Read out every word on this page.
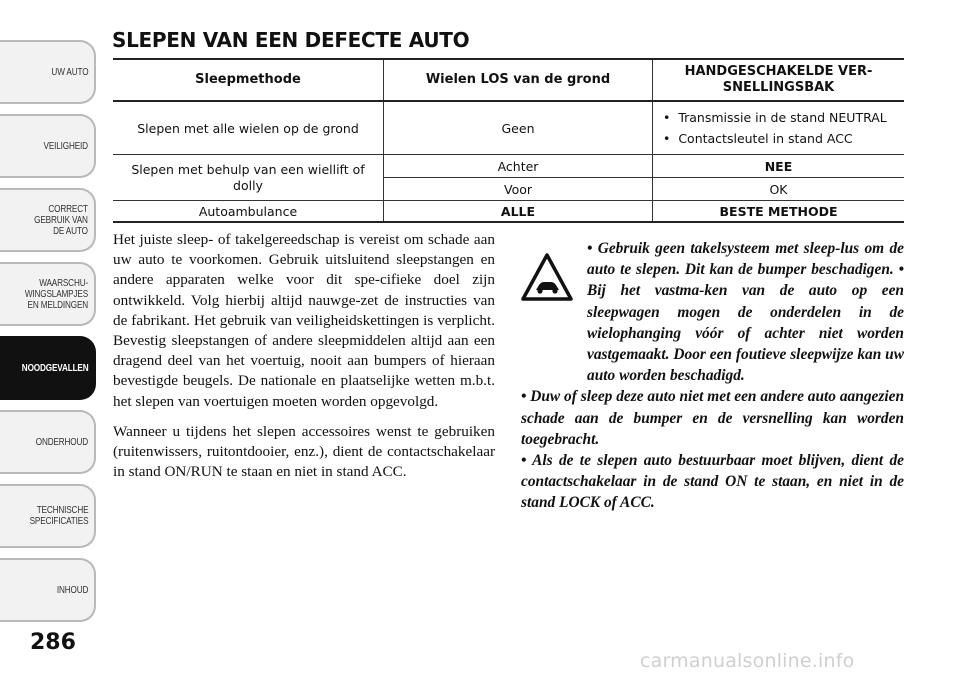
UW AUTO
VEILIGHEID
CORRECT
GEBRUIK VAN
DE AUTO
WAARSCHU-
WINGSLAMPJES
EN MELDINGEN
NOODGEVALLEN
ONDERHOUD
TECHNISCHE
SPECIFICATIES
INHOUD
286
SLEPEN VAN EEN DEFECTE AUTO
Sleepmethode	Wielen LOS van de grond	HANDGESCHAKELDE VER-
SNELLINGSBAK
Slepen met alle wielen op de grond	Geen	•  Transmissie in de stand NEUTRAL
•  Contactsleutel in stand ACC

Slepen met behulp van een wiellift of dolly	Achter	NEE
	Voor	OK
Autoambulance	ALLE	BESTE METHODE

Het juiste sleep- of takelgereedschap is vereist om schade aan uw auto te voorkomen. Gebruik uitsluitend sleepstangen en andere apparaten welke voor dit spe-cifieke doel zijn ontwikkeld. Volg hierbij altijd nauwge-zet de instructies van de fabrikant. Het gebruik van veiligheidskettingen is verplicht. Bevestig sleepstangen of andere sleepmiddelen altijd aan een dragend deel van het voertuig, nooit aan bumpers of hieraan bevestigde beugels. De nationale en plaatselijke wetten m.b.t. het slepen van voertuigen moeten worden opgevolgd.

Wanneer u tijdens het slepen accessoires wenst te gebruiken (ruitenwissers, ruitontdooier, enz.), dient de contactschakelaar in stand ON/RUN te staan en niet in stand ACC.

• Gebruik geen takelsysteem met sleep-lus om de auto te slepen. Dit kan de bumper beschadigen. • Bij het vastma-ken van de auto op een sleepwagen mogen de onderdelen in de wielophanging vóór of achter niet worden vastgemaakt. Door een foutieve sleepwijze kan uw auto worden beschadigd.

• Duw of sleep deze auto niet met een andere auto aangezien schade aan de bumper en de versnelling kan worden toegebracht.

• Als de te slepen auto bestuurbaar moet blijven, dient de contactschakelaar in de stand ON te staan, en niet in de stand LOCK of ACC.

carmanualsonline.info
